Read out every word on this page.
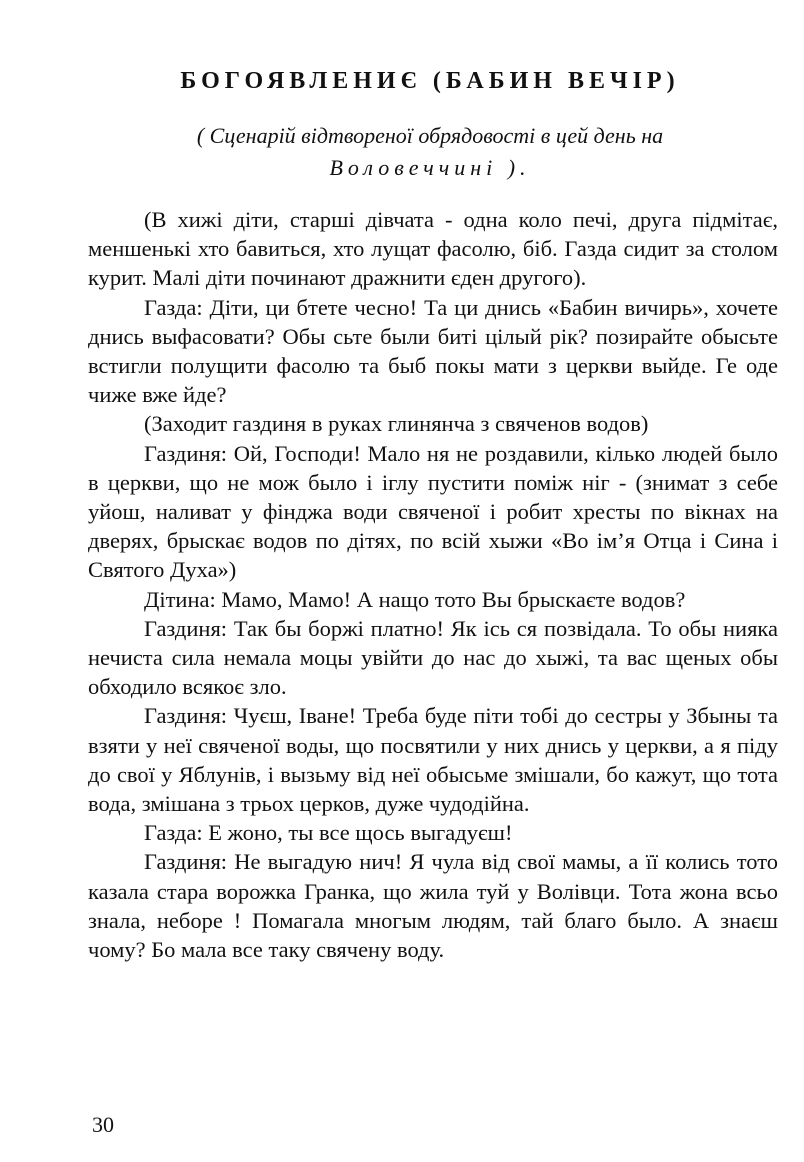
БОГОЯВЛЕНИЄ (БАБИН ВЕЧІР)
( Сценарій відтвореної обрядовості в цей день на
Воловеччині ).

(В хижі діти, старші дівчата - одна коло печі, друга підмітає, меншенькі хто бавиться, хто лущат фасолю, біб. Газда сидит за столом курит. Малі діти починают дражнити єден другого).

Газда: Діти, ци бтете чесно! Та ци днись «Бабин вичирь», хочете днись выфасовати? Обы сьте были биті цілый рік? позирайте обысьте встигли полущити фасолю та быб покы мати з церкви выйде. Ге оде чиже вже йде?

(Заходит газдиня в руках глинянча з свяченов водов)

Газдиня: Ой, Господи! Мало ня не роздавили, кілько людей было в церкви, що не мож было і іглу пустити поміж ніг - (знимат з себе уйош, наливат у фінджа води свяченої і робит хресты по вікнах на дверях, брыскає водов по дітях, по всій хыжи «Во ім’я Отца і Сина і Святого Духа»)

Дітина: Мамо, Мамо! А нащо тото Вы брыскаєте водов?

Газдиня: Так бы боржі платно! Як ісь ся позвідала. То обы нияка нечиста сила немала моцы увійти до нас до хыжі, та вас щеных обы обходило всякоє зло.

Газдиня: Чуєш, Іване! Треба буде піти тобі до сестры у Збыны та взяти у неї свяченої воды, що посвятили у них днись у церкви, а я піду до свої у Яблунів, і вызьму від неї обысьме змішали, бо кажут, що тота вода, змішана з трьох церков, дуже чудодійна.

Газда: Е жоно, ты все щось выгадуєш!

Газдиня: Не выгадую нич! Я чула від свої мамы, а її колись тото казала стара ворожка Гранка, що жила туй у Волівци. Тота жона всьо знала, неборе ! Помагала многым людям, тай благо было. А знаєш чому? Бо мала все таку свячену воду.

30
